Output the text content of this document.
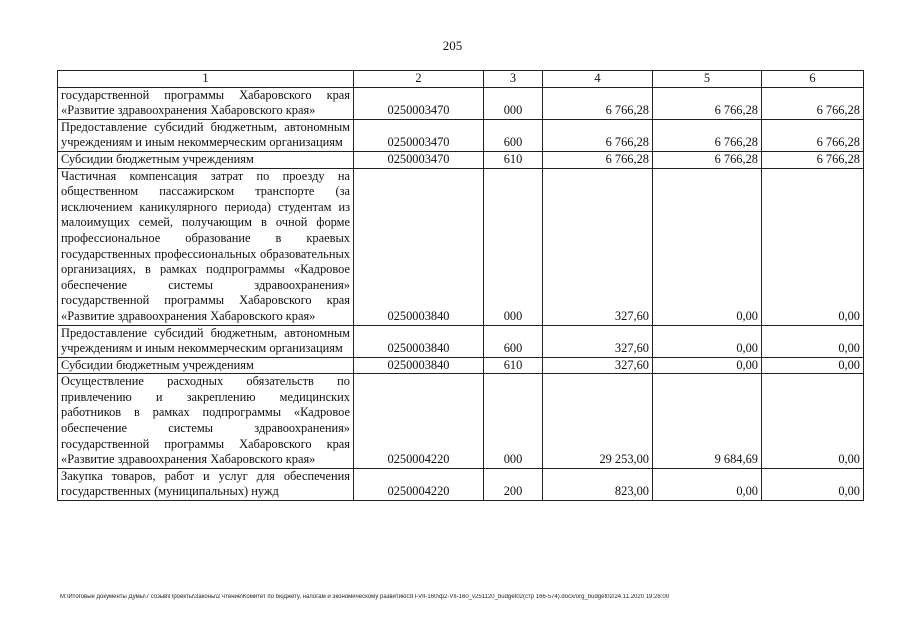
205
1	2	3	4	5	6
государственной программы Хабаровского края «Развитие здравоохранения Хабаровского края»	0250003470	000	6 766,28	6 766,28	6 766,28
Предоставление субсидий бюджетным, автономным учреждениям и иным некоммерческим организациям	0250003470	600	6 766,28	6 766,28	6 766,28
Субсидии бюджетным учреждениям	0250003470	610	6 766,28	6 766,28	6 766,28
Частичная компенсация затрат по проезду на общественном пассажирском транспорте (за исключением каникулярного периода) студентам из малоимущих семей, получающим в очной форме профессиональное образование в краевых государственных профессиональных образовательных организациях, в рамках подпрограммы «Кадровое обеспечение системы здравоохранения» государственной программы Хабаровского края «Развитие здравоохранения Хабаровского края»	0250003840	000	327,60	0,00	0,00
Предоставление субсидий бюджетным, автономным учреждениям и иным некоммерческим организациям	0250003840	600	327,60	0,00	0,00
Субсидии бюджетным учреждениям	0250003840	610	327,60	0,00	0,00
Осуществление расходных обязательств по привлечению и закреплению медицинских работников в рамках подпрограммы «Кадровое обеспечение системы здравоохранения» государственной программы Хабаровского края «Развитие здравоохранения Хабаровского края»	0250004220	000	29 253,00	9 684,69	0,00
Закупка товаров, работ и услуг для обеспечения государственных (муниципальных) нужд	0250004220	200	823,00	0,00	0,00
M:\Итоговые документы Думы\7 созыв\Проекты\Законы\2 чтение\Комитет по бюджету, налогам и экономическому развитию\ЗП-VII-160\ф2-VII-160_v251120_budget02(стр 166-574).docx/org_budget02/24.11.2020 19:28:00
